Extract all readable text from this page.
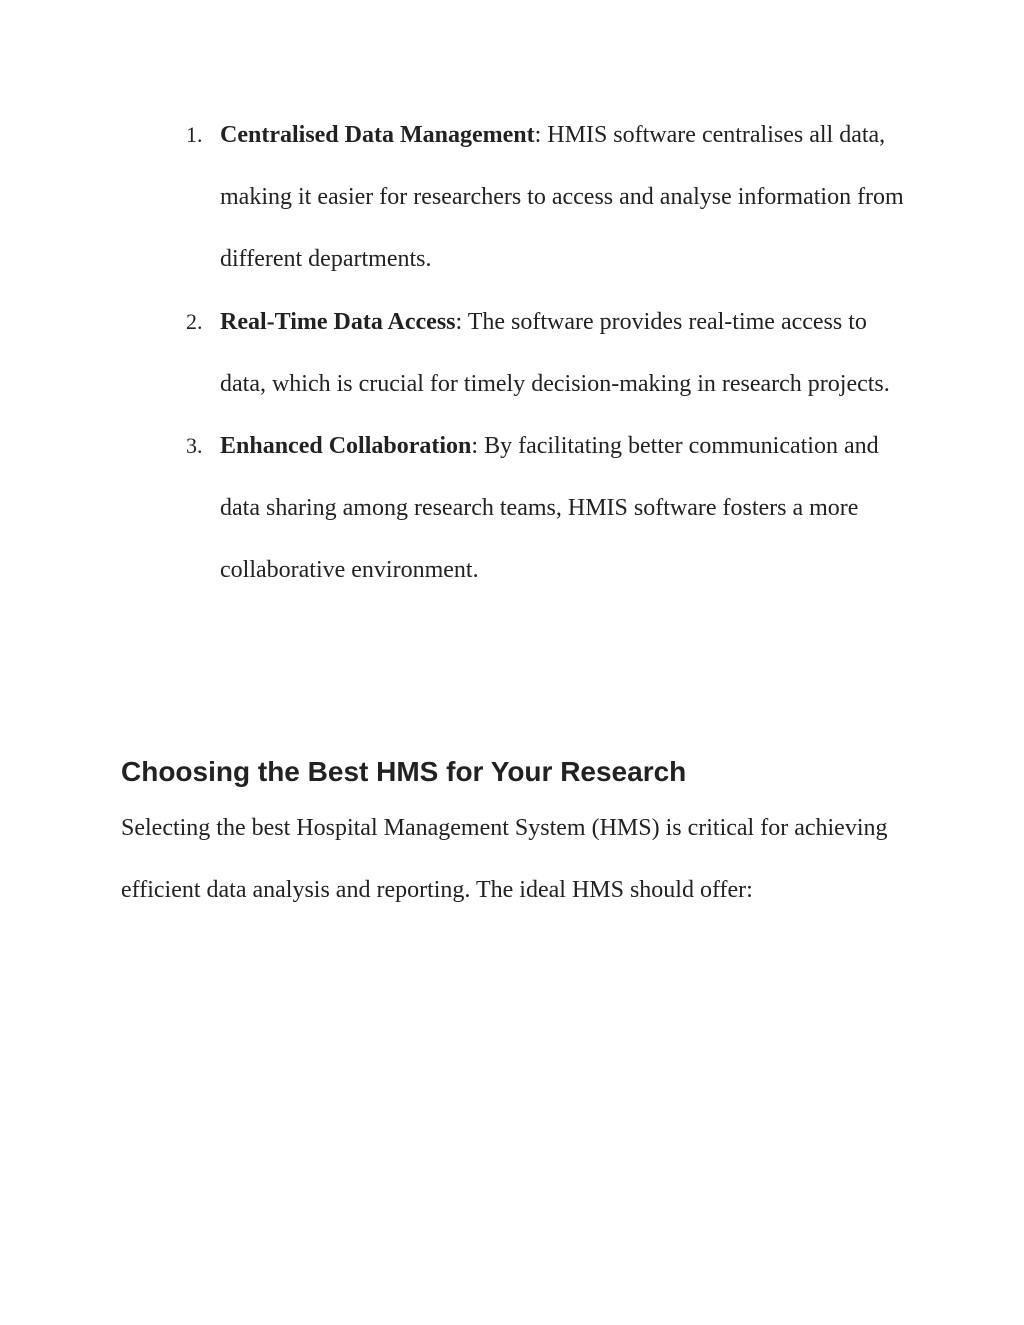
1. Centralised Data Management: HMIS software centralises all data, making it easier for researchers to access and analyse information from different departments.
2. Real-Time Data Access: The software provides real-time access to data, which is crucial for timely decision-making in research projects.
3. Enhanced Collaboration: By facilitating better communication and data sharing among research teams, HMIS software fosters a more collaborative environment.
Choosing the Best HMS for Your Research

Selecting the best Hospital Management System (HMS) is critical for achieving efficient data analysis and reporting. The ideal HMS should offer:
